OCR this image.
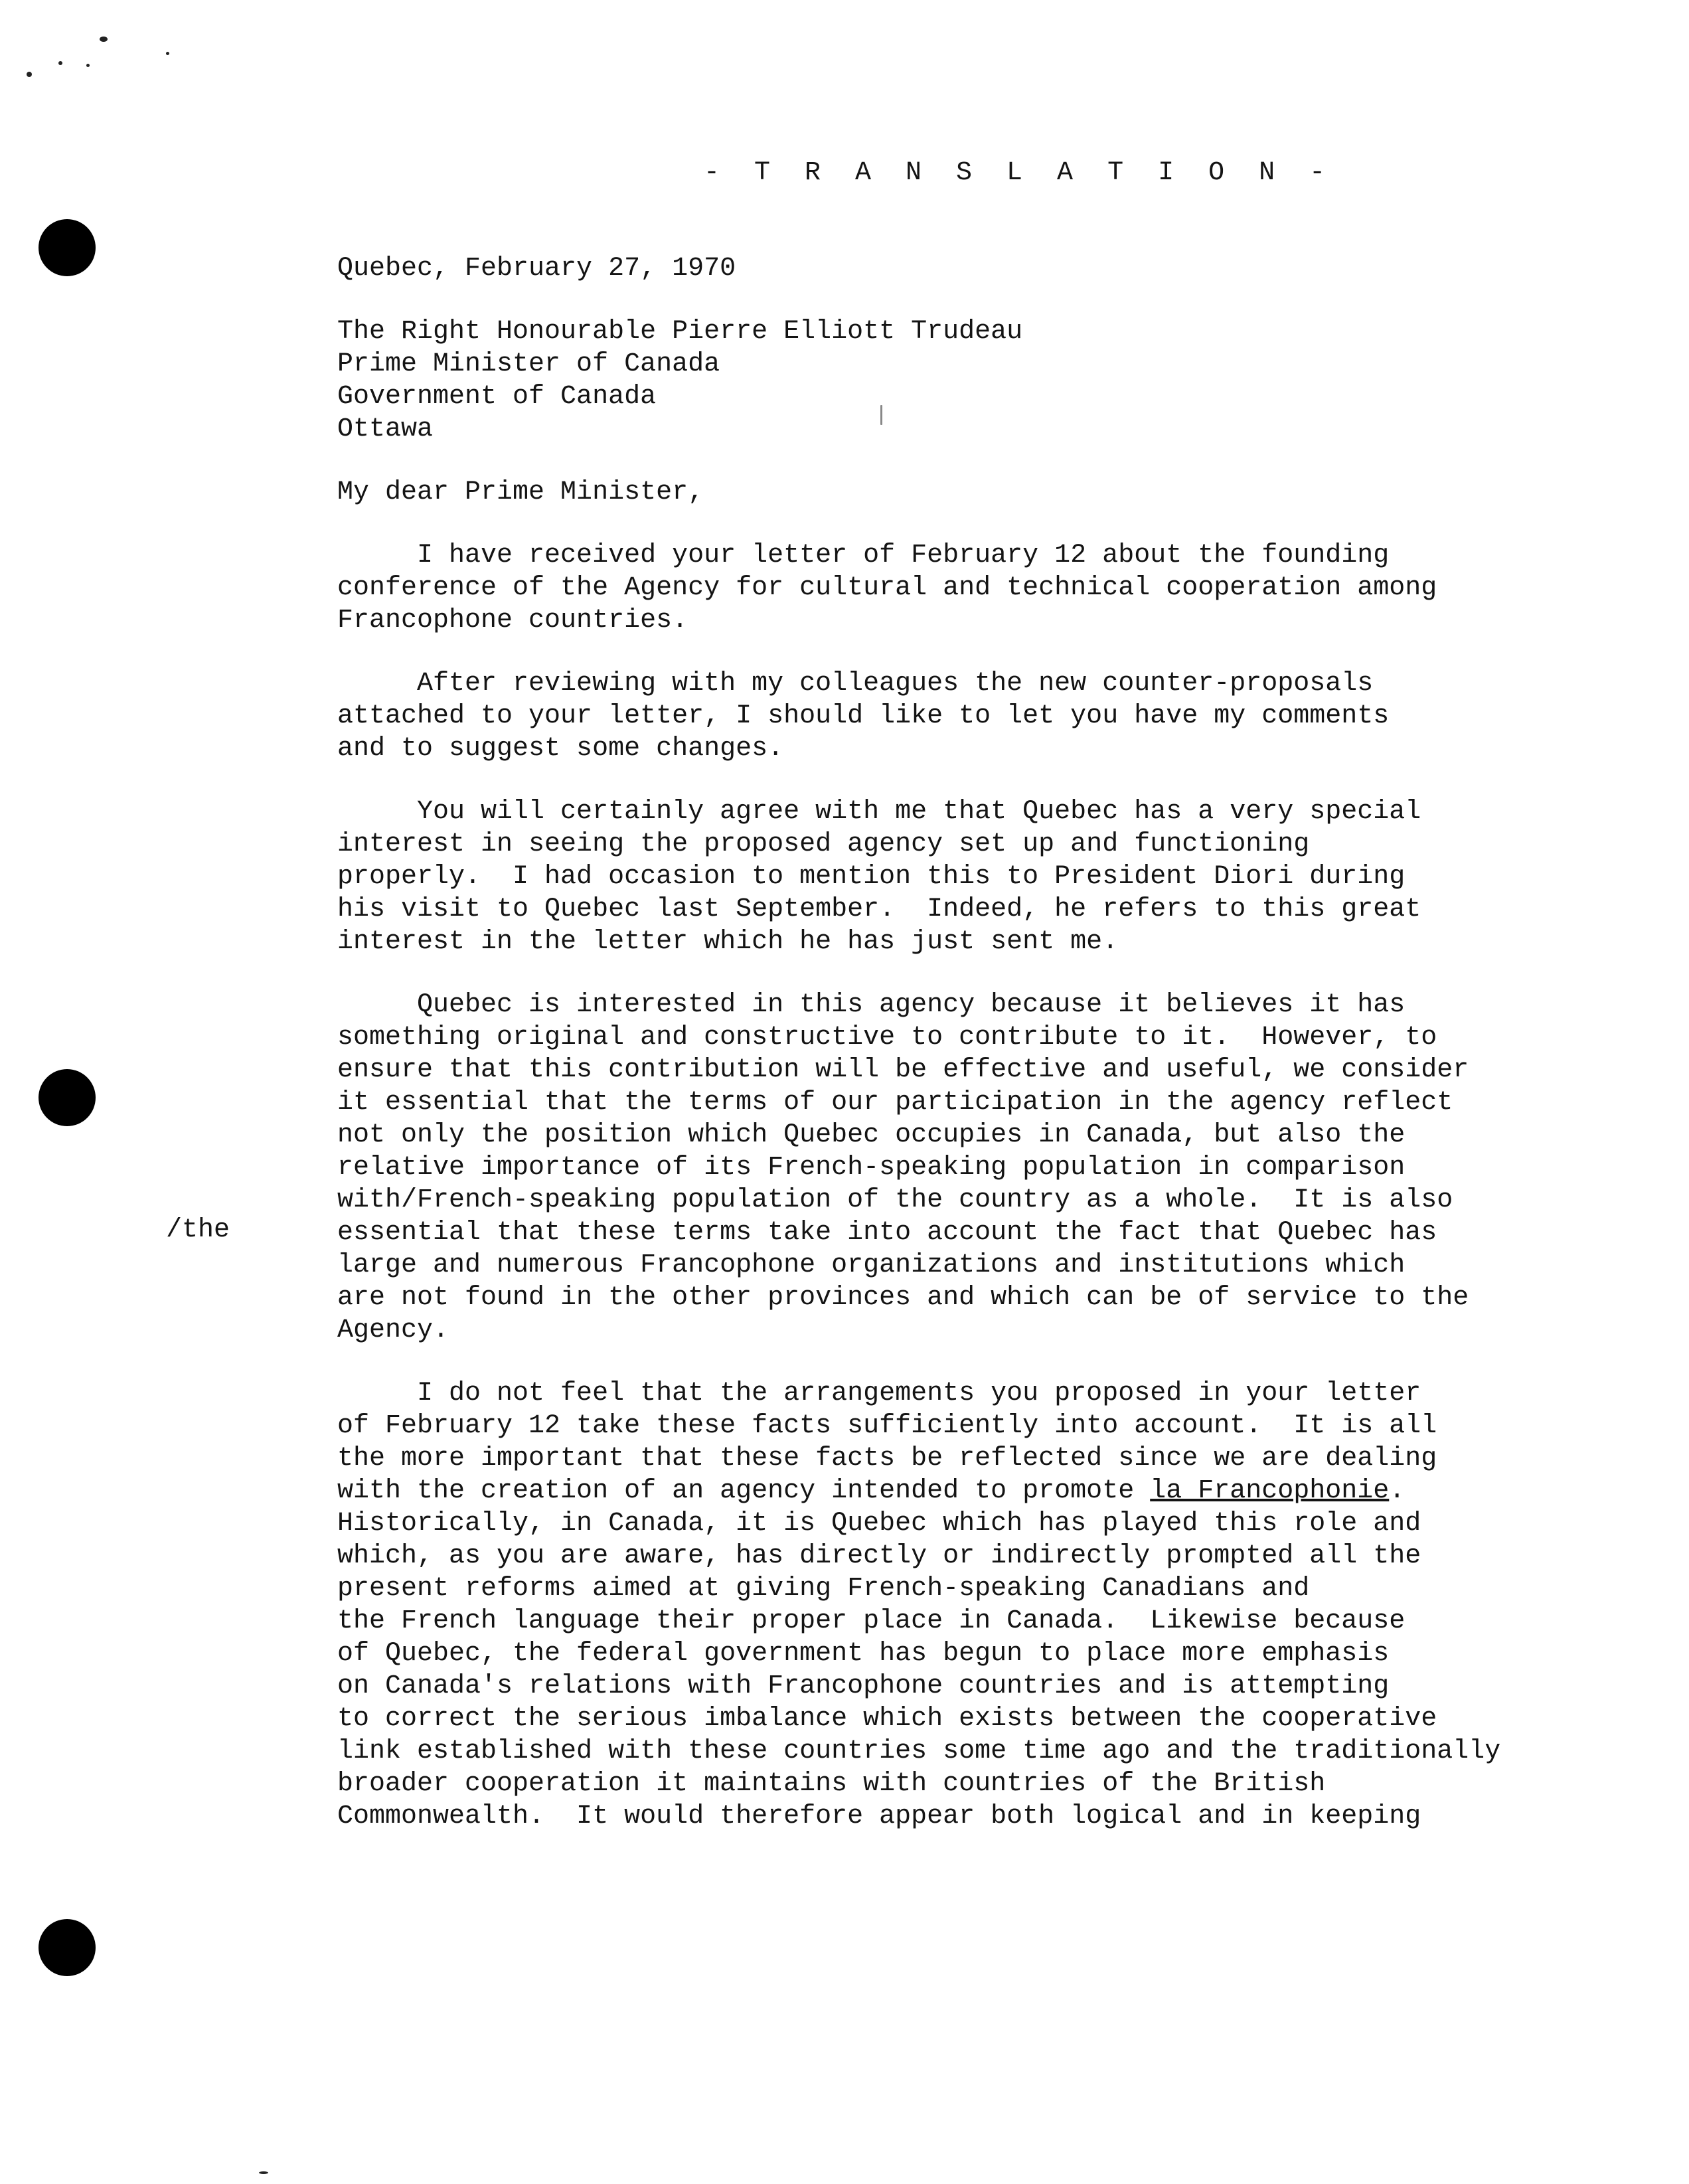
- T R A N S L A T I O N -
/the
Quebec, February 27, 1970
The Right Honourable Pierre Elliott Trudeau
Prime Minister of Canada
Government of Canada
Ottawa
My dear Prime Minister,
I have received your letter of February 12 about the founding
conference of the Agency for cultural and technical cooperation among
Francophone countries.
After reviewing with my colleagues the new counter-proposals
attached to your letter, I should like to let you have my comments
and to suggest some changes.
You will certainly agree with me that Quebec has a very special
interest in seeing the proposed agency set up and functioning
properly.  I had occasion to mention this to President Diori during
his visit to Quebec last September.  Indeed, he refers to this great
interest in the letter which he has just sent me.
Quebec is interested in this agency because it believes it has
something original and constructive to contribute to it.  However, to
ensure that this contribution will be effective and useful, we consider
it essential that the terms of our participation in the agency reflect
not only the position which Quebec occupies in Canada, but also the
relative importance of its French-speaking population in comparison
with/French-speaking population of the country as a whole.  It is also
essential that these terms take into account the fact that Quebec has
large and numerous Francophone organizations and institutions which
are not found in the other provinces and which can be of service to the
Agency.
I do not feel that the arrangements you proposed in your letter
of February 12 take these facts sufficiently into account.  It is all
the more important that these facts be reflected since we are dealing
with the creation of an agency intended to promote la Francophonie.
Historically, in Canada, it is Quebec which has played this role and
which, as you are aware, has directly or indirectly prompted all the
present reforms aimed at giving French-speaking Canadians and
the French language their proper place in Canada.  Likewise because
of Quebec, the federal government has begun to place more emphasis
on Canada's relations with Francophone countries and is attempting
to correct the serious imbalance which exists between the cooperative
link established with these countries some time ago and the traditionally
broader cooperation it maintains with countries of the British
Commonwealth.  It would therefore appear both logical and in keeping
